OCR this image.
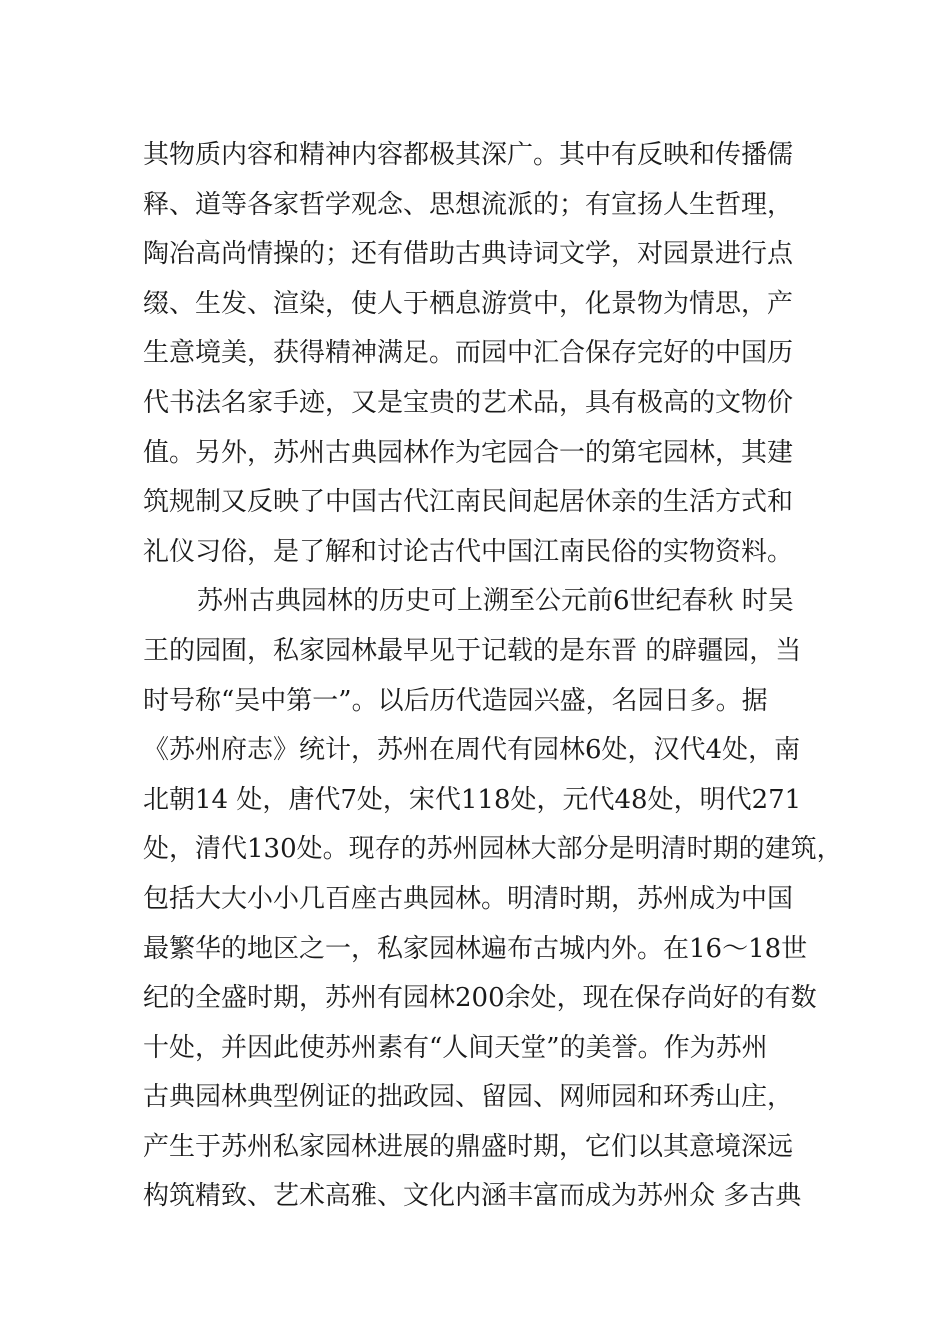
其物质内容和精神内容都极其深广。其中有反映和传播儒
释、道等各家哲学观念、思想流派的；有宣扬人生哲理，
陶冶高尚情操的；还有借助古典诗词文学，对园景进行点
缀、生发、渲染，使人于栖息游赏中，化景物为情思，产
生意境美，获得精神满足。而园中汇合保存完好的中国历
代书法名家手迹，又是宝贵的艺术品，具有极高的文物价
值。另外，苏州古典园林作为宅园合一的第宅园林，其建
筑规制又反映了中国古代江南民间起居休亲的生活方式和
礼仪习俗，是了解和讨论古代中国江南民俗的实物资料。
苏州古典园林的历史可上溯至公元前6世纪春秋 时吴
王的园囿，私家园林最早见于记载的是东晋 的辟疆园，当
时号称“吴中第一”。以后历代造园兴盛，名园日多。据
《苏州府志》统计，苏州在周代有园林6处，汉代4处，南
北朝14 处，唐代7处，宋代118处，元代48处，明代271
处，清代130处。现存的苏州园林大部分是明清时期的建筑，
包括大大小小几百座古典园林。明清时期，苏州成为中国
最繁华的地区之一，私家园林遍布古城内外。在16～18世
纪的全盛时期，苏州有园林200余处，现在保存尚好的有数
十处，并因此使苏州素有“人间天堂”的美誉。作为苏州
古典园林典型例证的拙政园、留园、网师园和环秀山庄，
产生于苏州私家园林进展的鼎盛时期，它们以其意境深远
构筑精致、艺术高雅、文化内涵丰富而成为苏州众 多古典
